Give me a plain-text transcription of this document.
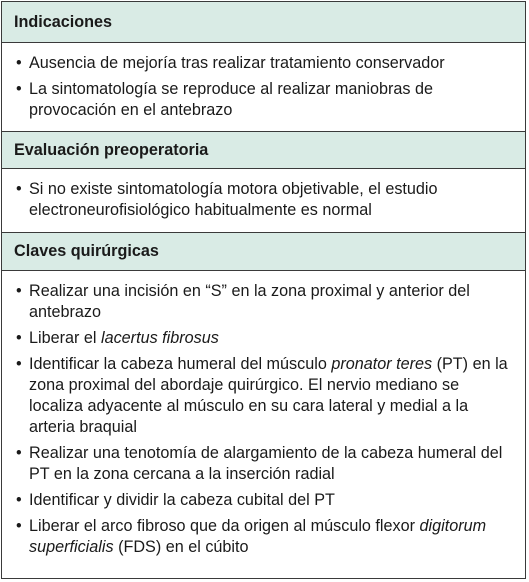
Indicaciones
• Ausencia de mejoría tras realizar tratamiento conservador
• La sintomatología se reproduce al realizar maniobras de provocación en el antebrazo
Evaluación preoperatoria
• Si no existe sintomatología motora objetivable, el estudio electroneurofisiológico habitualmente es normal
Claves quirúrgicas
• Realizar una incisión en “S” en la zona proximal y anterior del antebrazo
• Liberar el lacertus fibrosus
• Identificar la cabeza humeral del músculo pronator teres (PT) en la zona proximal del abordaje quirúrgico. El nervio mediano se localiza adyacente al músculo en su cara lateral y medial a la arteria braquial
• Realizar una tenotomía de alargamiento de la cabeza humeral del PT en la zona cercana a la inserción radial
• Identificar y dividir la cabeza cubital del PT
• Liberar el arco fibroso que da origen al músculo flexor digitorum superficialis (FDS) en el cúbito
